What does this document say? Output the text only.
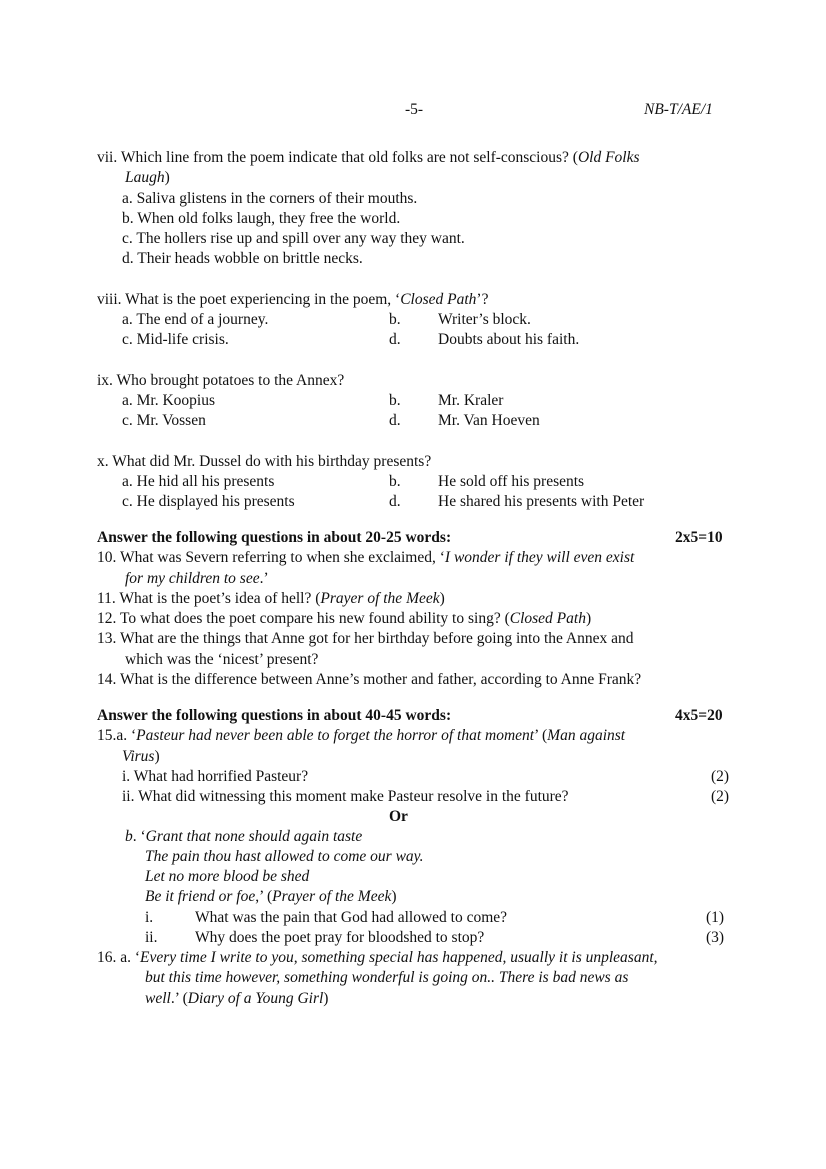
-5-	NB-T/AE/1
vii. Which line from the poem indicate that old folks are not self-conscious? (Old Folks
Laugh)
a. Saliva glistens in the corners of their mouths.
b. When old folks laugh, they free the world.
c. The hollers rise up and spill over any way they want.
d. Their heads wobble on brittle necks.
viii. What is the poet experiencing in the poem, ‘Closed Path’?
a. The end of a journey.	b. Writer’s block.
c. Mid-life crisis.	d. Doubts about his faith.
ix. Who brought potatoes to the Annex?
a. Mr. Koopius	b. Mr. Kraler
c. Mr. Vossen	d. Mr. Van Hoeven
x. What did Mr. Dussel do with his birthday presents?
a. He hid all his presents	b. He sold off his presents
c. He displayed his presents	d. He shared his presents with Peter
Answer the following questions in about 20-25 words:	2x5=10
10. What was Severn referring to when she exclaimed, ‘I wonder if they will even exist
for my children to see.’
11. What is the poet’s idea of hell? (Prayer of the Meek)
12. To what does the poet compare his new found ability to sing? (Closed Path)
13. What are the things that Anne got for her birthday before going into the Annex and
which was the ‘nicest’ present?
14. What is the difference between Anne’s mother and father, according to Anne Frank?
Answer the following questions in about 40-45 words:	4x5=20
15.a. ‘Pasteur had never been able to forget the horror of that moment’ (Man against
Virus)
i. What had horrified Pasteur?	(2)
ii. What did witnessing this moment make Pasteur resolve in the future?	(2)
Or
b. ‘Grant that none should again taste
The pain thou hast allowed to come our way.
Let no more blood be shed
Be it friend or foe,’ (Prayer of the Meek)
i.	What was the pain that God had allowed to come?	(1)
ii. Why does the poet pray for bloodshed to stop?	(3)
16. a. ‘Every time I write to you, something special has happened, usually it is unpleasant,
but this time however, something wonderful is going on.. There is bad news as
well.’ (Diary of a Young Girl)
